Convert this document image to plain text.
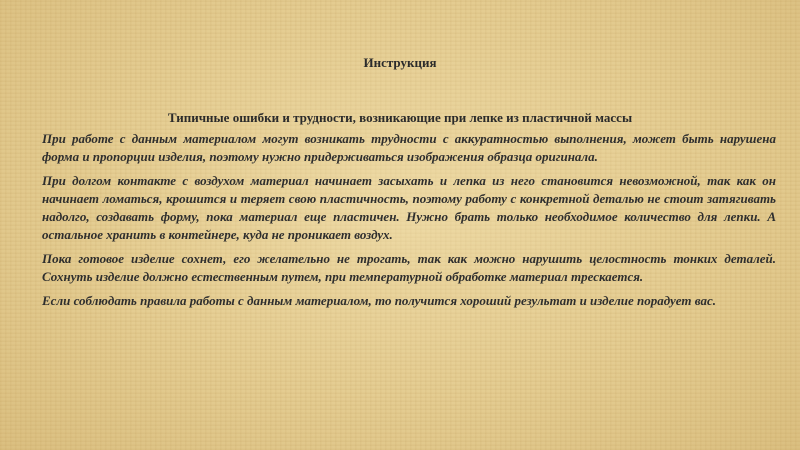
Инструкция
Типичные ошибки и трудности, возникающие при лепке из пластичной массы

При работе с данным материалом могут возникать трудности с аккуратностью выполнения, может быть нарушена форма и пропорции изделия, поэтому нужно придерживаться изображения образца оригинала.

При долгом контакте с воздухом материал начинает засыхать и лепка из него становится невозможной, так как он начинает ломаться, крошится и теряет свою пластичность, поэтому работу с конкретной деталью не стоит затягивать надолго, создавать форму, пока материал еще пластичен. Нужно брать только необходимое количество для лепки. А остальное хранить в контейнере, куда не проникает воздух.

Пока готовое изделие сохнет, его желательно не трогать, так как можно нарушить целостность тонких деталей. Сохнуть изделие должно естественным путем, при температурной обработке материал трескается.

Если соблюдать правила работы с данным материалом, то получится хороший результат и изделие порадует вас.
